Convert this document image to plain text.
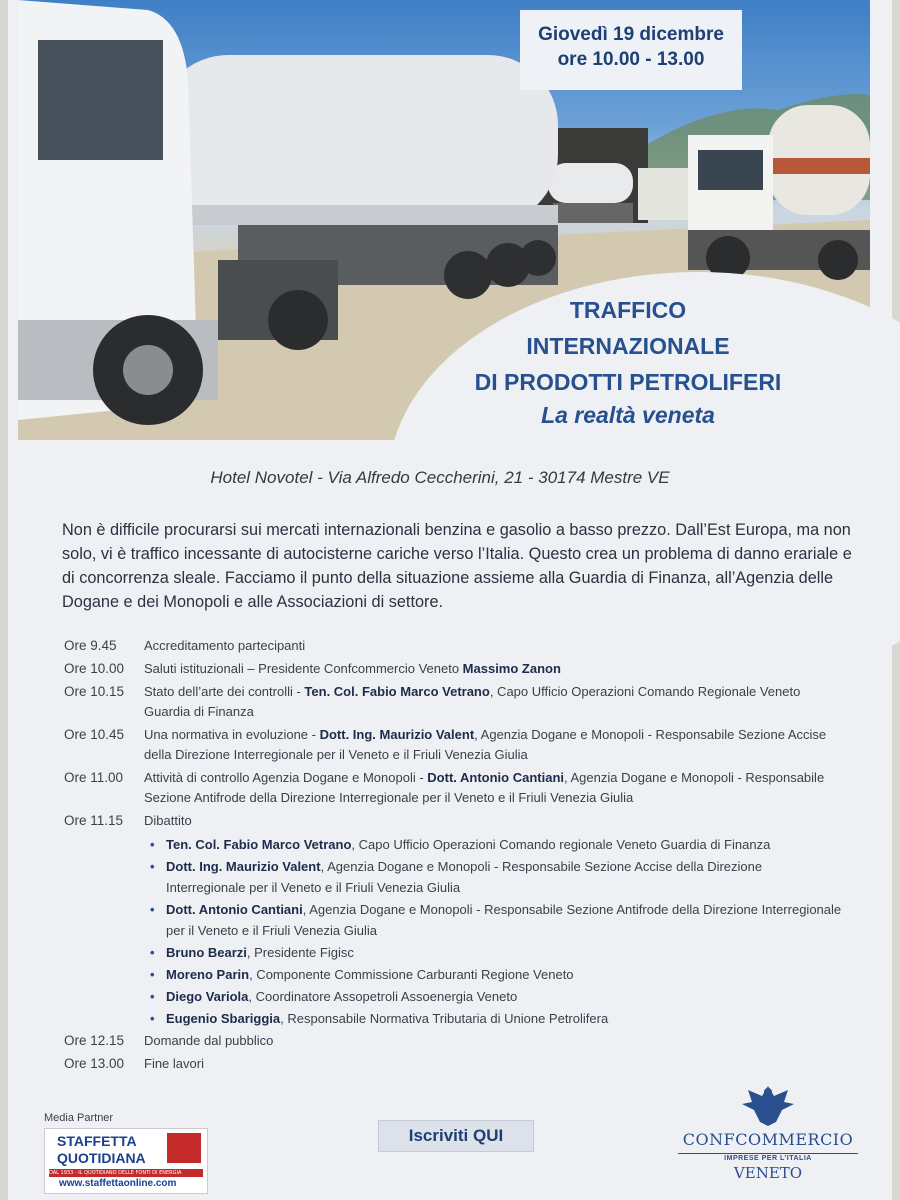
Giovedì 19 dicembre
ore 10.00 - 13.00
TRAFFICO
INTERNAZIONALE
DI PRODOTTI PETROLIFERI
La realtà veneta
Hotel Novotel - Via Alfredo Ceccherini, 21 - 30174 Mestre VE
Non è difficile procurarsi sui mercati internazionali benzina e gasolio a basso prezzo. Dall’Est Europa, ma non solo, vi è traffico incessante di autocisterne cariche verso l’Italia. Questo crea un problema di danno erariale e di concorrenza sleale. Facciamo il punto della situazione assieme alla Guardia di Finanza, all’Agenzia delle Dogane e dei Monopoli e alle Associazioni di settore.
Ore 9.45	Accreditamento partecipanti
Ore 10.00	Saluti istituzionali – Presidente Confcommercio Veneto Massimo Zanon
Ore 10.15	Stato dell’arte dei controlli - Ten. Col. Fabio Marco Vetrano, Capo Ufficio Operazioni Comando Regionale Veneto Guardia di Finanza
Ore 10.45	Una normativa in evoluzione - Dott. Ing. Maurizio Valent, Agenzia Dogane e Monopoli - Responsabile Sezione Accise della Direzione Interregionale per il Veneto e il Friuli Venezia Giulia
Ore 11.00	Attività di controllo Agenzia Dogane e Monopoli - Dott. Antonio Cantiani, Agenzia Dogane e Monopoli - Responsabile Sezione Antifrode della Direzione Interregionale per il Veneto e il Friuli Venezia Giulia
Ore 11.15	Dibattito
• Ten. Col. Fabio Marco Vetrano, Capo Ufficio Operazioni Comando regionale Veneto Guardia di Finanza
• Dott. Ing. Maurizio Valent, Agenzia Dogane e Monopoli - Responsabile Sezione Accise della Direzione Interregionale per il Veneto e il Friuli Venezia Giulia
• Dott. Antonio Cantiani, Agenzia Dogane e Monopoli - Responsabile Sezione Antifrode della Direzione Interregionale per il Veneto e il Friuli Venezia Giulia
• Bruno Bearzi, Presidente Figisc
• Moreno Parin, Componente Commissione Carburanti Regione Veneto
• Diego Variola, Coordinatore Assopetroli Assoenergia Veneto
• Eugenio Sbariggia, Responsabile Normativa Tributaria di Unione Petrolifera
Ore 12.15	Domande dal pubblico
Ore 13.00	Fine lavori
Media Partner
STAFFETTA
QUOTIDIANA
DAL 1933 - IL QUOTIDIANO DELLE FONTI DI ENERGIA
www.staffettaonline.com
Iscriviti QUI	CONFCOMMERCIO
IMPRESE PER L’ITALIA
VENETO
